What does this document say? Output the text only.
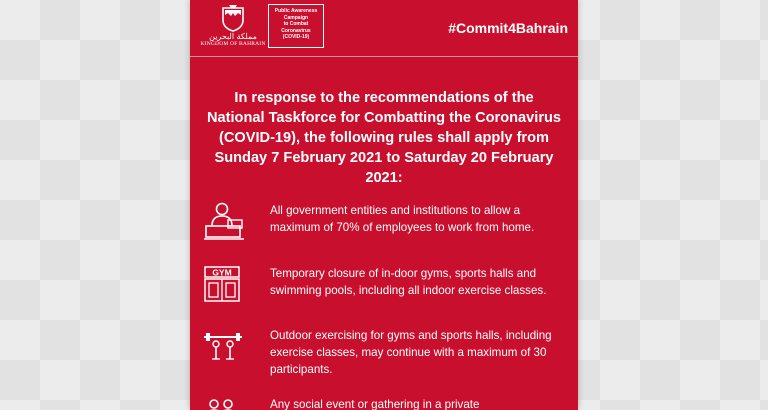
مملكة البحرين
KINGDOM OF BAHRAIN
Public Awareness
Campaign
to Combat
Coronavirus
(COVID-19)
#Commit4Bahrain
In response to the recommendations of the National Taskforce for Combatting the Coronavirus (COVID-19), the following rules shall apply from Sunday 7 February 2021 to Saturday 20 February 2021:
All government entities and institutions to allow a maximum of 70% of employees to work from home.
GYM	Temporary closure of in-door gyms, sports halls and swimming pools, including all indoor exercise classes.
Outdoor exercising for gyms and sports halls, including exercise classes, may continue with a maximum of 30 participants.
Any social event or gathering in a private
